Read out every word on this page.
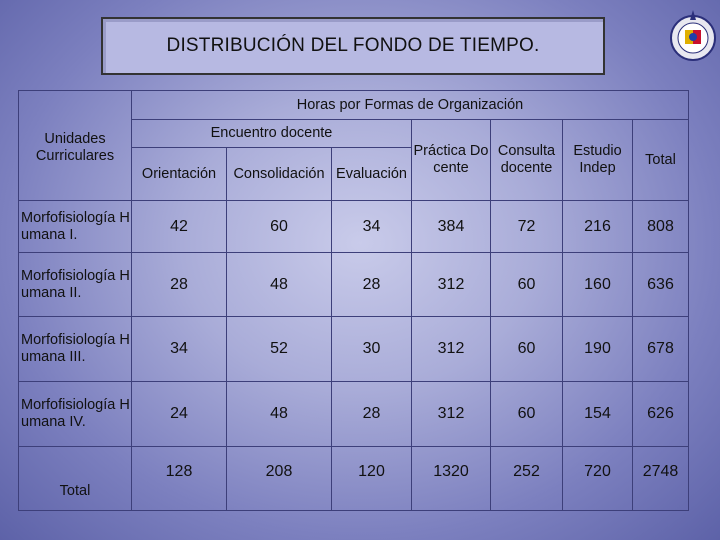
DISTRIBUCIÓN DEL FONDO DE TIEMPO.
Unidades Curriculares	Horas por Formas de Organización						
	Encuentro docente			Práctica Docente	Consulta docente	Estudio Indep	Total
	Orientación	Consolidación	Evaluación				
Morfofisiología Humana I.	42	60	34	384	72	216	808
Morfofisiología Humana II.	28	48	28	312	60	160	636
Morfofisiología Humana III.	34	52	30	312	60	190	678
Morfofisiología Humana IV.	24	48	28	312	60	154	626
Total	128	208	120	1320	252	720	2748
